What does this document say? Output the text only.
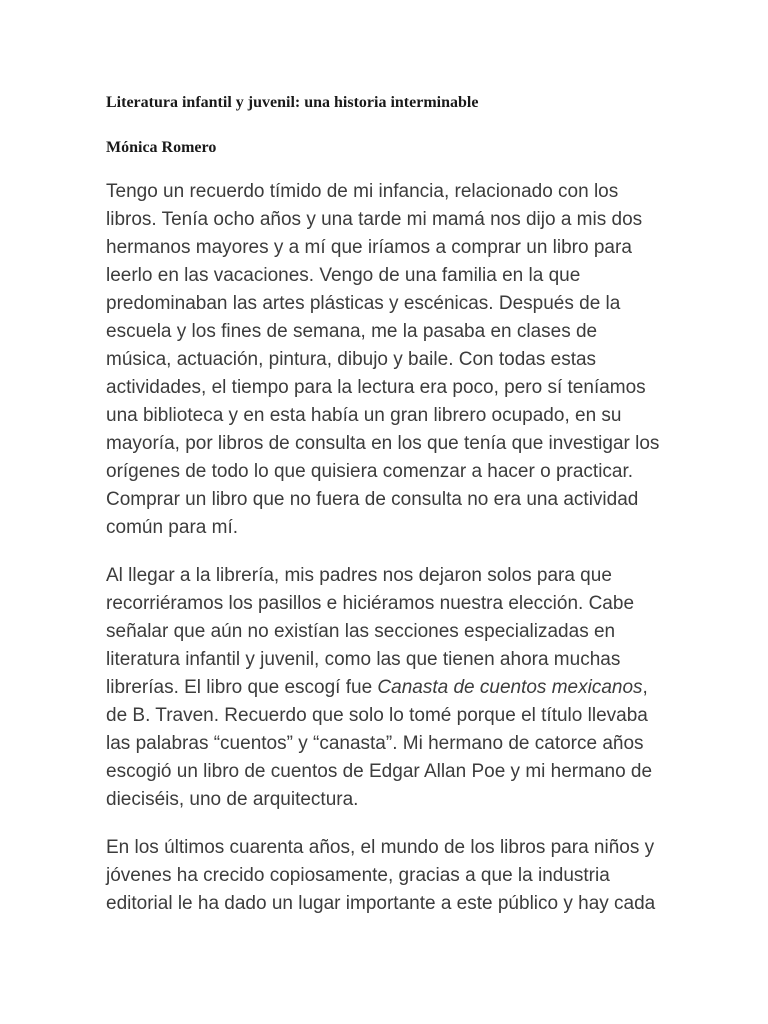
Literatura infantil y juvenil: una historia interminable
Mónica Romero

Tengo un recuerdo tímido de mi infancia, relacionado con los
libros. Tenía ocho años y una tarde mi mamá nos dijo a mis dos
hermanos mayores y a mí que iríamos a comprar un libro para
leerlo en las vacaciones. Vengo de una familia en la que
predominaban las artes plásticas y escénicas. Después de la
escuela y los fines de semana, me la pasaba en clases de
música, actuación, pintura, dibujo y baile. Con todas estas
actividades, el tiempo para la lectura era poco, pero sí teníamos
una biblioteca y en esta había un gran librero ocupado, en su
mayoría, por libros de consulta en los que tenía que investigar los
orígenes de todo lo que quisiera comenzar a hacer o practicar.
Comprar un libro que no fuera de consulta no era una actividad
común para mí.

Al llegar a la librería, mis padres nos dejaron solos para que
recorriéramos los pasillos e hiciéramos nuestra elección. Cabe
señalar que aún no existían las secciones especializadas en
literatura infantil y juvenil, como las que tienen ahora muchas
librerías. El libro que escogí fue Canasta de cuentos mexicanos,
de B. Traven. Recuerdo que solo lo tomé porque el título llevaba
las palabras “cuentos” y “canasta”. Mi hermano de catorce años
escogió un libro de cuentos de Edgar Allan Poe y mi hermano de
dieciséis, uno de arquitectura.

En los últimos cuarenta años, el mundo de los libros para niños y
jóvenes ha crecido copiosamente, gracias a que la industria
editorial le ha dado un lugar importante a este público y hay cada
